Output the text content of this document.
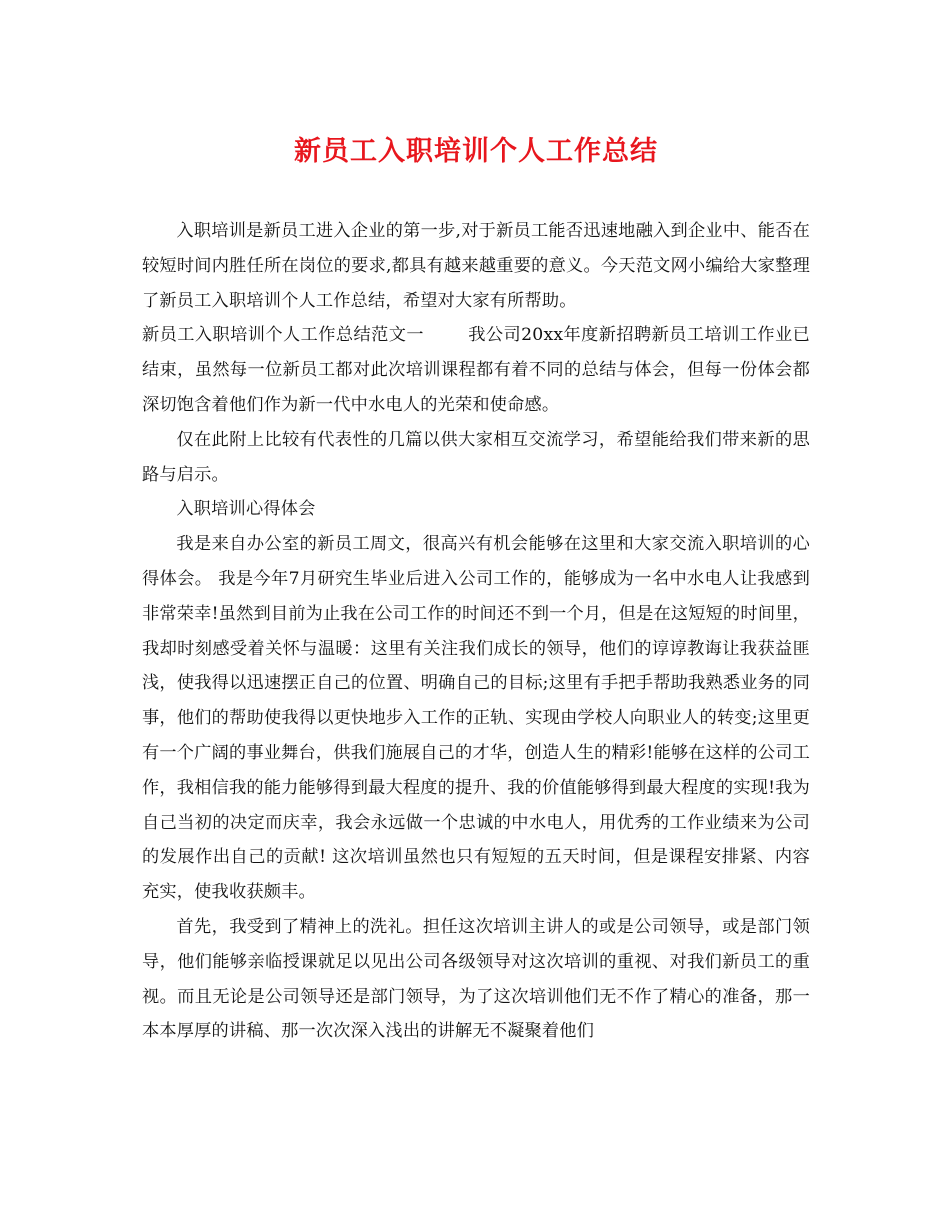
新员工入职培训个人工作总结

入职培训是新员工进入企业的第一步,对于新员工能否迅速地融入到企业中、能否在较短时间内胜任所在岗位的要求,都具有越来越重要的意义。今天范文网小编给大家整理了新员工入职培训个人工作总结，希望对大家有所帮助。

新员工入职培训个人工作总结范文一	我公司20xx年度新招聘新员工培训工作业已结束，虽然每一位新员工都对此次培训课程都有着不同的总结与体会，但每一份体会都深切饱含着他们作为新一代中水电人的光荣和使命感。

仅在此附上比较有代表性的几篇以供大家相互交流学习，希望能给我们带来新的思路与启示。

入职培训心得体会

我是来自办公室的新员工周文，很高兴有机会能够在这里和大家交流入职培训的心得体会。 我是今年7月研究生毕业后进入公司工作的，能够成为一名中水电人让我感到非常荣幸!虽然到目前为止我在公司工作的时间还不到一个月，但是在这短短的时间里，我却时刻感受着关怀与温暖：这里有关注我们成长的领导，他们的谆谆教诲让我获益匪浅，使我得以迅速摆正自己的位置、明确自己的目标;这里有手把手帮助我熟悉业务的同事，他们的帮助使我得以更快地步入工作的正轨、实现由学校人向职业人的转变;这里更有一个广阔的事业舞台，供我们施展自己的才华，创造人生的精彩!能够在这样的公司工作，我相信我的能力能够得到最大程度的提升、我的价值能够得到最大程度的实现!我为自己当初的决定而庆幸，我会永远做一个忠诚的中水电人，用优秀的工作业绩来为公司的发展作出自己的贡献! 这次培训虽然也只有短短的五天时间，但是课程安排紧、内容充实，使我收获颇丰。

首先，我受到了精神上的洗礼。担任这次培训主讲人的或是公司领导，或是部门领导，他们能够亲临授课就足以见出公司各级领导对这次培训的重视、对我们新员工的重视。而且无论是公司领导还是部门领导，为了这次培训他们无不作了精心的准备，那一本本厚厚的讲稿、那一次次深入浅出的讲解无不凝聚着他们
